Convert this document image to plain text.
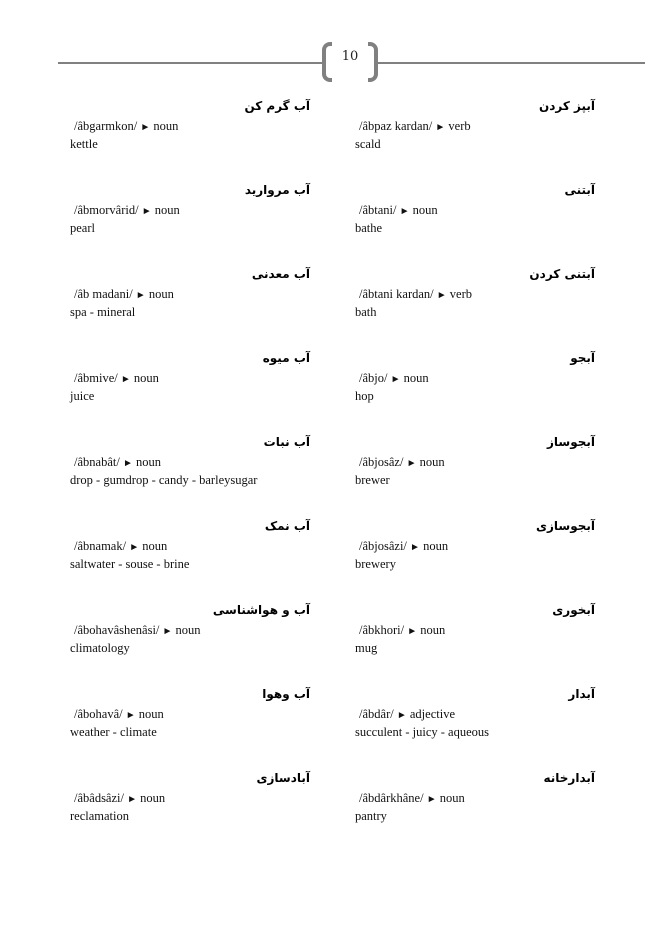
10
آب گرم کن
/âbgarmkon/ ► noun
kettle
آب مروارید
/âbmorvârid/ ► noun
pearl
آب معدنی
/âb madani/ ► noun
spa - mineral
آب میوه
/âbmive/ ► noun
juice
آب نبات
/âbnabât/ ► noun
drop - gumdrop - candy - barleysugar
آب نمک
/âbnamak/ ► noun
saltwater - souse - brine
آب و هواشناسی
/âbohavâshenâsi/ ► noun
climatology
آب وهوا
/âbohavâ/ ► noun
weather - climate
آبادسازی
/âbâdsâzi/ ► noun
reclamation
آبپز کردن
/âbpaz kardan/ ► verb
scald
آبتنی
/âbtani/ ► noun
bathe
آبتنی کردن
/âbtani kardan/ ► verb
bath
آبجو
/âbjo/ ► noun
hop
آبجوساز
/âbjosâz/ ► noun
brewer
آبجوسازی
/âbjosâzi/ ► noun
brewery
آبخوری
/âbkhori/ ► noun
mug
آبدار
/âbdâr/ ► adjective
succulent - juicy - aqueous
آبدارخانه
/âbdârkhâne/ ► noun
pantry
